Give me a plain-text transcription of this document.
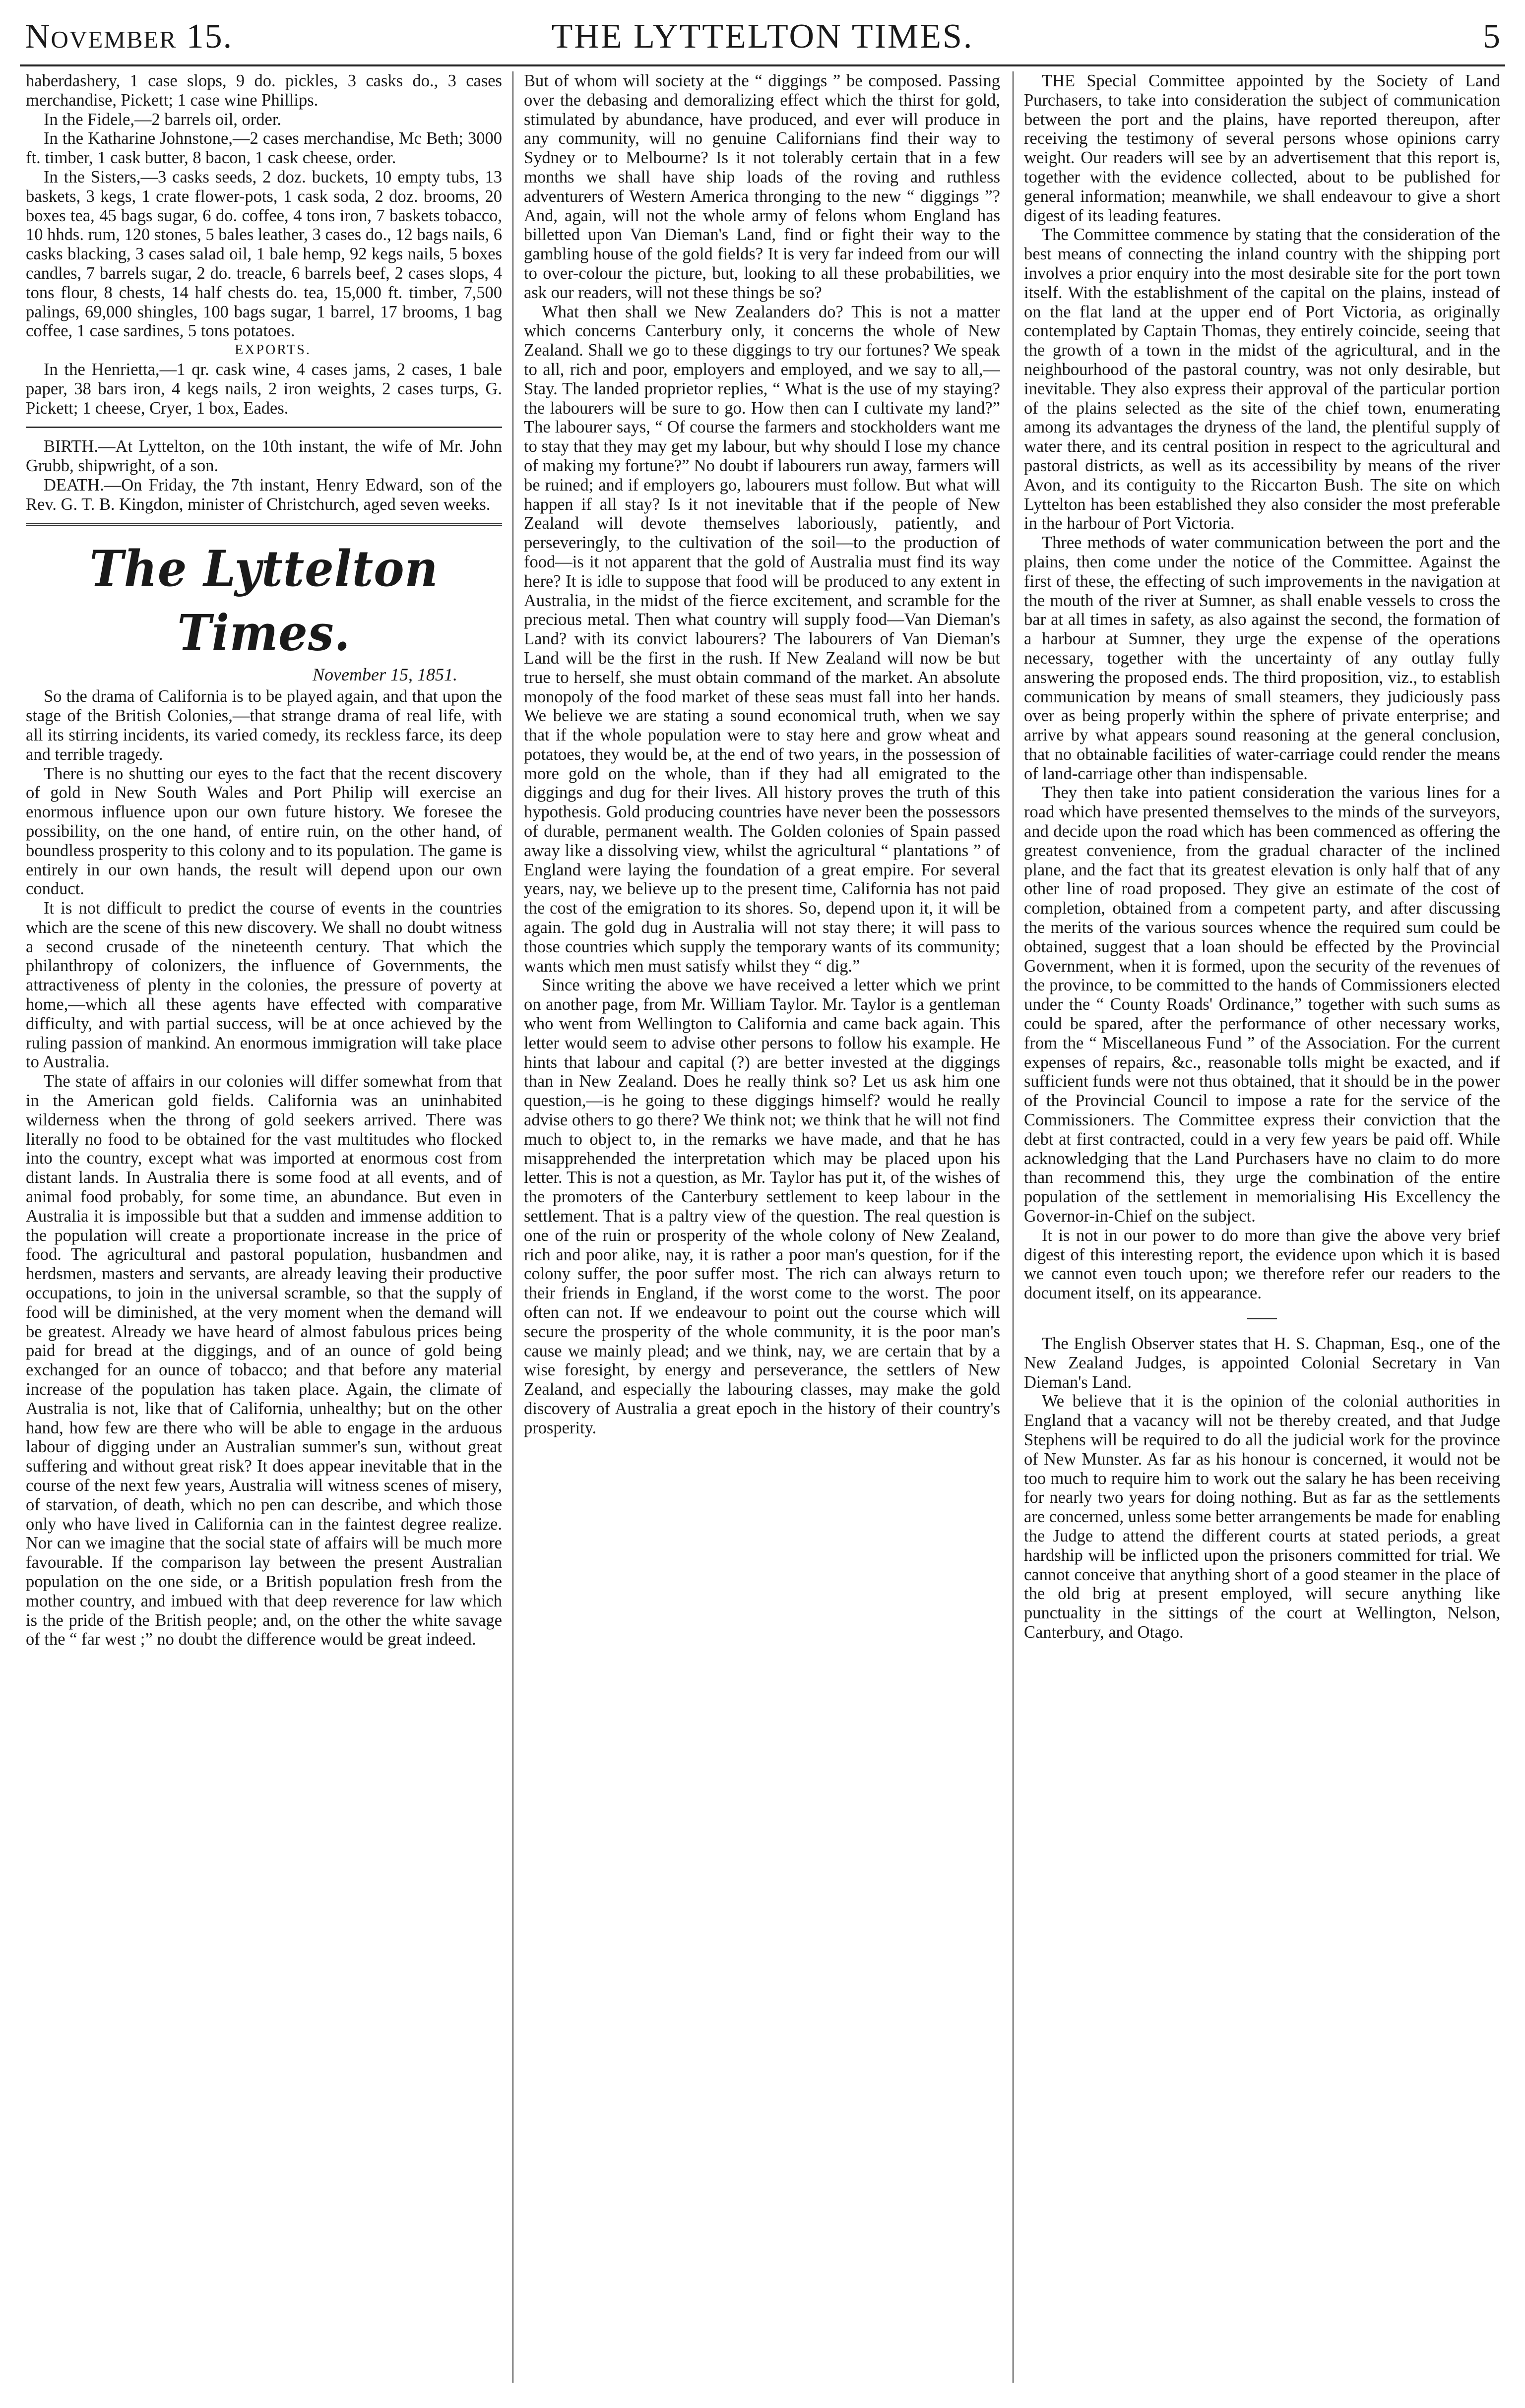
November 15.	THE LYTTELTON TIMES.	5

haberdashery, 1 case slops, 9 do. pickles, 3 casks do., 3 cases merchandise, Pickett; 1 case wine Phillips.

In the Fidele,—2 barrels oil, order.

In the Katharine Johnstone,—2 cases merchandise, Mc Beth; 3000 ft. timber, 1 cask butter, 8 bacon, 1 cask cheese, order.

In the Sisters,—3 casks seeds, 2 doz. buckets, 10 empty tubs, 13 baskets, 3 kegs, 1 crate flower-pots, 1 cask soda, 2 doz. brooms, 20 boxes tea, 45 bags sugar, 6 do. coffee, 4 tons iron, 7 baskets tobacco, 10 hhds. rum, 120 stones, 5 bales leather, 3 cases do., 12 bags nails, 6 casks blacking, 3 cases salad oil, 1 bale hemp, 92 kegs nails, 5 boxes candles, 7 barrels sugar, 2 do. treacle, 6 barrels beef, 2 cases slops, 4 tons flour, 8 chests, 14 half chests do. tea, 15,000 ft. timber, 7,500 palings, 69,000 shingles, 100 bags sugar, 1 barrel, 17 brooms, 1 bag coffee, 1 case sardines, 5 tons potatoes.

EXPORTS.

In the Henrietta,—1 qr. cask wine, 4 cases jams, 2 cases, 1 bale paper, 38 bars iron, 4 kegs nails, 2 iron weights, 2 cases turps, G. Pickett; 1 cheese, Cryer, 1 box, Eades.

BIRTH.—At Lyttelton, on the 10th instant, the wife of Mr. John Grubb, shipwright, of a son.

DEATH.—On Friday, the 7th instant, Henry Edward, son of the Rev. G. T. B. Kingdon, minister of Christchurch, aged seven weeks.

The Lyttelton Times.
November 15, 1851.

So the drama of California is to be played again, and that upon the stage of the British Colonies,—that strange drama of real life, with all its stirring incidents, its varied comedy, its reckless farce, its deep and terrible tragedy.

There is no shutting our eyes to the fact that the recent discovery of gold in New South Wales and Port Philip will exercise an enormous influence upon our own future history. We foresee the possibility, on the one hand, of entire ruin, on the other hand, of boundless prosperity to this colony and to its population. The game is entirely in our own hands, the result will depend upon our own conduct.

It is not difficult to predict the course of events in the countries which are the scene of this new discovery. We shall no doubt witness a second crusade of the nineteenth century. That which the philanthropy of colonizers, the influence of Governments, the attractiveness of plenty in the colonies, the pressure of poverty at home,—which all these agents have effected with comparative difficulty, and with partial success, will be at once achieved by the ruling passion of mankind. An enormous immigration will take place to Australia.

The state of affairs in our colonies will differ somewhat from that in the American gold fields. California was an uninhabited wilderness when the throng of gold seekers arrived. There was literally no food to be obtained for the vast multitudes who flocked into the country, except what was imported at enormous cost from distant lands. In Australia there is some food at all events, and of animal food probably, for some time, an abundance. But even in Australia it is impossible but that a sudden and immense addition to the population will create a proportionate increase in the price of food. The agricultural and pastoral population, husbandmen and herdsmen, masters and servants, are already leaving their productive occupations, to join in the universal scramble, so that the supply of food will be diminished, at the very moment when the demand will be greatest. Already we have heard of almost fabulous prices being paid for bread at the diggings, and of an ounce of gold being exchanged for an ounce of tobacco; and that before any material increase of the population has taken place. Again, the climate of Australia is not, like that of California, unhealthy; but on the other hand, how few are there who will be able to engage in the arduous labour of digging under an Australian summer's sun, without great suffering and without great risk? It does appear inevitable that in the course of the next few years, Australia will witness scenes of misery, of starvation, of death, which no pen can describe, and which those only who have lived in California can in the faintest degree realize. Nor can we imagine that the social state of affairs will be much more favourable. If the comparison lay between the present Australian population on the one side, or a British population fresh from the mother country, and imbued with that deep reverence for law which is the pride of the British people; and, on the other the white savage of the “ far west ;” no doubt the difference would be great indeed.

But of whom will society at the “ diggings ” be composed. Passing over the debasing and demoralizing effect which the thirst for gold, stimulated by abundance, have produced, and ever will produce in any community, will no genuine Californians find their way to Sydney or to Melbourne? Is it not tolerably certain that in a few months we shall have ship loads of the roving and ruthless adventurers of Western America thronging to the new “ diggings ”? And, again, will not the whole army of felons whom England has billetted upon Van Dieman's Land, find or fight their way to the gambling house of the gold fields? It is very far indeed from our will to over-colour the picture, but, looking to all these probabilities, we ask our readers, will not these things be so?

What then shall we New Zealanders do? This is not a matter which concerns Canterbury only, it concerns the whole of New Zealand. Shall we go to these diggings to try our fortunes? We speak to all, rich and poor, employers and employed, and we say to all,—Stay. The landed proprietor replies, “ What is the use of my staying? the labourers will be sure to go. How then can I cultivate my land?” The labourer says, “ Of course the farmers and stockholders want me to stay that they may get my labour, but why should I lose my chance of making my fortune?” No doubt if labourers run away, farmers will be ruined; and if employers go, labourers must follow. But what will happen if all stay? Is it not inevitable that if the people of New Zealand will devote themselves laboriously, patiently, and perseveringly, to the cultivation of the soil—to the production of food—is it not apparent that the gold of Australia must find its way here? It is idle to suppose that food will be produced to any extent in Australia, in the midst of the fierce excitement, and scramble for the precious metal. Then what country will supply food—Van Dieman's Land? with its convict labourers? The labourers of Van Dieman's Land will be the first in the rush. If New Zealand will now be but true to herself, she must obtain command of the market. An absolute monopoly of the food market of these seas must fall into her hands. We believe we are stating a sound economical truth, when we say that if the whole population were to stay here and grow wheat and potatoes, they would be, at the end of two years, in the possession of more gold on the whole, than if they had all emigrated to the diggings and dug for their lives. All history proves the truth of this hypothesis. Gold producing countries have never been the possessors of durable, permanent wealth. The Golden colonies of Spain passed away like a dissolving view, whilst the agricultural “ plantations ” of England were laying the foundation of a great empire. For several years, nay, we believe up to the present time, California has not paid the cost of the emigration to its shores. So, depend upon it, it will be again. The gold dug in Australia will not stay there; it will pass to those countries which supply the temporary wants of its community; wants which men must satisfy whilst they “ dig.”

Since writing the above we have received a letter which we print on another page, from Mr. William Taylor. Mr. Taylor is a gentleman who went from Wellington to California and came back again. This letter would seem to advise other persons to follow his example. He hints that labour and capital (?) are better invested at the diggings than in New Zealand. Does he really think so? Let us ask him one question,—is he going to these diggings himself? would he really advise others to go there? We think not; we think that he will not find much to object to, in the remarks we have made, and that he has misapprehended the interpretation which may be placed upon his letter. This is not a question, as Mr. Taylor has put it, of the wishes of the promoters of the Canterbury settlement to keep labour in the settlement. That is a paltry view of the question. The real question is one of the ruin or prosperity of the whole colony of New Zealand, rich and poor alike, nay, it is rather a poor man's question, for if the colony suffer, the poor suffer most. The rich can always return to their friends in England, if the worst come to the worst. The poor often can not. If we endeavour to point out the course which will secure the prosperity of the whole community, it is the poor man's cause we mainly plead; and we think, nay, we are certain that by a wise foresight, by energy and perseverance, the settlers of New Zealand, and especially the labouring classes, may make the gold discovery of Australia a great epoch in the history of their country's prosperity.

THE Special Committee appointed by the Society of Land Purchasers, to take into consideration the subject of communication between the port and the plains, have reported thereupon, after receiving the testimony of several persons whose opinions carry weight. Our readers will see by an advertisement that this report is, together with the evidence collected, about to be published for general information; meanwhile, we shall endeavour to give a short digest of its leading features.

The Committee commence by stating that the consideration of the best means of connecting the inland country with the shipping port involves a prior enquiry into the most desirable site for the port town itself. With the establishment of the capital on the plains, instead of on the flat land at the upper end of Port Victoria, as originally contemplated by Captain Thomas, they entirely coincide, seeing that the growth of a town in the midst of the agricultural, and in the neighbourhood of the pastoral country, was not only desirable, but inevitable. They also express their approval of the particular portion of the plains selected as the site of the chief town, enumerating among its advantages the dryness of the land, the plentiful supply of water there, and its central position in respect to the agricultural and pastoral districts, as well as its accessibility by means of the river Avon, and its contiguity to the Riccarton Bush. The site on which Lyttelton has been established they also consider the most preferable in the harbour of Port Victoria.

Three methods of water communication between the port and the plains, then come under the notice of the Committee. Against the first of these, the effecting of such improvements in the navigation at the mouth of the river at Sumner, as shall enable vessels to cross the bar at all times in safety, as also against the second, the formation of a harbour at Sumner, they urge the expense of the operations necessary, together with the uncertainty of any outlay fully answering the proposed ends. The third proposition, viz., to establish communication by means of small steamers, they judiciously pass over as being properly within the sphere of private enterprise; and arrive by what appears sound reasoning at the general conclusion, that no obtainable facilities of water-carriage could render the means of land-carriage other than indispensable.

They then take into patient consideration the various lines for a road which have presented themselves to the minds of the surveyors, and decide upon the road which has been commenced as offering the greatest convenience, from the gradual character of the inclined plane, and the fact that its greatest elevation is only half that of any other line of road proposed. They give an estimate of the cost of completion, obtained from a competent party, and after discussing the merits of the various sources whence the required sum could be obtained, suggest that a loan should be effected by the Provincial Government, when it is formed, upon the security of the revenues of the province, to be committed to the hands of Commissioners elected under the “ County Roads' Ordinance,” together with such sums as could be spared, after the performance of other necessary works, from the “ Miscellaneous Fund ” of the Association. For the current expenses of repairs, &c., reasonable tolls might be exacted, and if sufficient funds were not thus obtained, that it should be in the power of the Provincial Council to impose a rate for the service of the Commissioners. The Committee express their conviction that the debt at first contracted, could in a very few years be paid off. While acknowledging that the Land Purchasers have no claim to do more than recommend this, they urge the combination of the entire population of the settlement in memorialising His Excellency the Governor-in-Chief on the subject.

It is not in our power to do more than give the above very brief digest of this interesting report, the evidence upon which it is based we cannot even touch upon; we therefore refer our readers to the document itself, on its appearance.

The English Observer states that H. S. Chapman, Esq., one of the New Zealand Judges, is appointed Colonial Secretary in Van Dieman's Land.

We believe that it is the opinion of the colonial authorities in England that a vacancy will not be thereby created, and that Judge Stephens will be required to do all the judicial work for the province of New Munster. As far as his honour is concerned, it would not be too much to require him to work out the salary he has been receiving for nearly two years for doing nothing. But as far as the settlements are concerned, unless some better arrangements be made for enabling the Judge to attend the different courts at stated periods, a great hardship will be inflicted upon the prisoners committed for trial. We cannot conceive that anything short of a good steamer in the place of the old brig at present employed, will secure anything like punctuality in the sittings of the court at Wellington, Nelson, Canterbury, and Otago.
